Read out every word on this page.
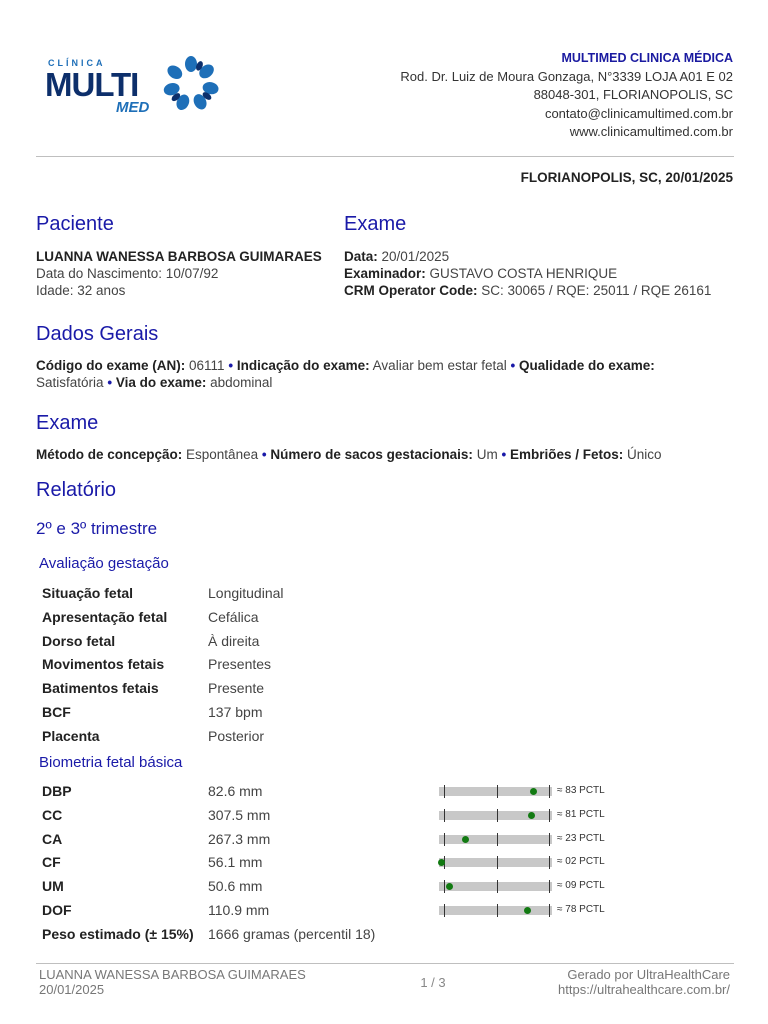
CLÍNICA
MULTI
MED
MULTIMED CLINICA MÉDICA
Rod. Dr. Luiz de Moura Gonzaga, N°3339 LOJA A01 E 02
88048-301, FLORIANOPOLIS, SC
contato@clinicamultimed.com.br
www.clinicamultimed.com.br
FLORIANOPOLIS, SC, 20/01/2025
Paciente
LUANNA WANESSA BARBOSA GUIMARAES
Data do Nascimento: 10/07/92
Idade: 32 anos
Exame
Data: 20/01/2025
Examinador: GUSTAVO COSTA HENRIQUE
CRM Operator Code: SC: 30065 / RQE: 25011 / RQE 26161
Dados Gerais
Código do exame (AN): 06111 • Indicação do exame: Avaliar bem estar fetal • Qualidade do exame:
Satisfatória • Via do exame: abdominal
Exame
Método de concepção: Espontânea • Número de sacos gestacionais: Um • Embriões / Fetos: Único
Relatório
2º e 3º trimestre
Avaliação gestação
Situação fetal	Longitudinal
Apresentação fetal	Cefálica
Dorso fetal	À direita
Movimentos fetais	Presentes
Batimentos fetais	Presente
BCF	137 bpm
Placenta	Posterior
Biometria fetal básica
DBP	82.6 mm	≈ 83 PCTL
CC	307.5 mm	≈ 81 PCTL
CA	267.3 mm	≈ 23 PCTL
CF	56.1 mm	≈ 02 PCTL
UM	50.6 mm	≈ 09 PCTL
DOF	110.9 mm	≈ 78 PCTL
Peso estimado (± 15%)	1666 gramas (percentil 18)
LUANNA WANESSA BARBOSA GUIMARAES
20/01/2025	1 / 3
Gerado por UltraHealthCare
https://ultrahealthcare.com.br/
